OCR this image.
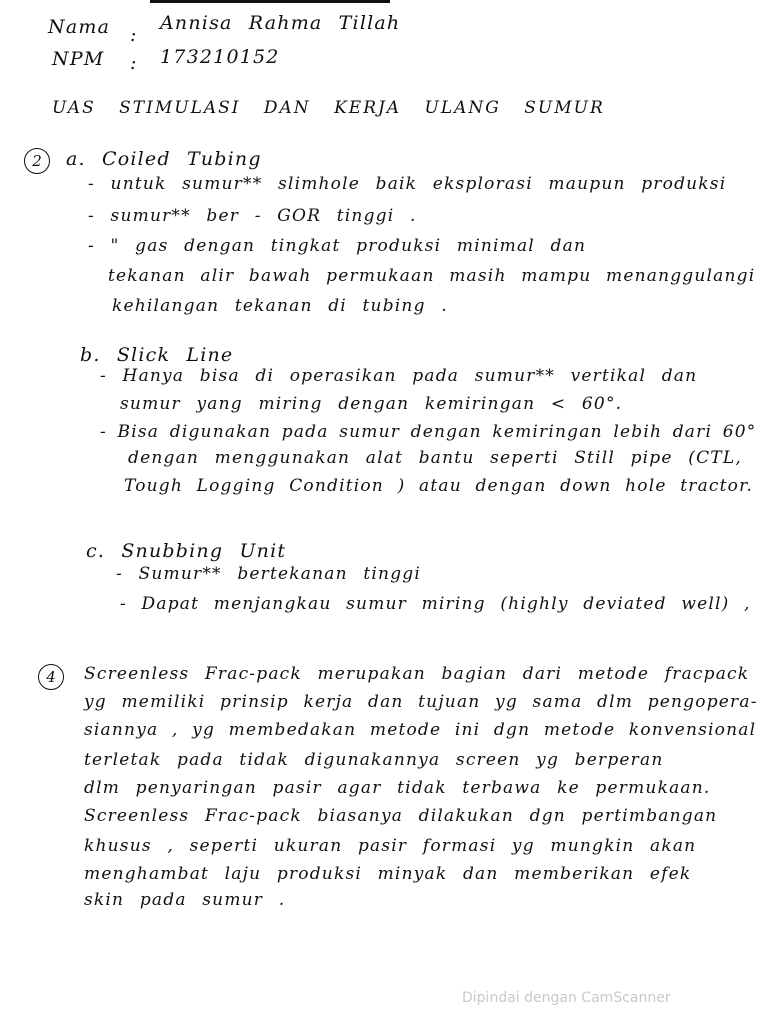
Nama :
Annisa Rahma Tillah
NPM : 173210152
UAS STIMULASI DAN KERJA ULANG SUMUR
2	a. Coiled Tubing
- untuk sumur** slimhole baik eksplorasi maupun produksi
- sumur** ber - GOR tinggi .
- " gas dengan tingkat produksi minimal dan
tekanan alir bawah permukaan masih mampu menanggulangi
kehilangan tekanan di tubing .
b. Slick Line
- Hanya bisa di operasikan pada sumur** vertikal dan
sumur yang miring dengan kemiringan < 60°.
- Bisa digunakan pada sumur dengan kemiringan lebih dari 60°
dengan menggunakan alat bantu seperti Still pipe (CTL,
Tough Logging Condition ) atau dengan down hole tractor.
c. Snubbing Unit
- Sumur** bertekanan tinggi
- Dapat menjangkau sumur miring (highly deviated well) ,
4	Screenless Frac-pack merupakan bagian dari metode fracpack
yg memiliki prinsip kerja dan tujuan yg sama dlm pengopera-
siannya , yg membedakan metode ini dgn metode konvensional
terletak pada tidak digunakannya screen yg berperan
dlm penyaringan pasir agar tidak terbawa ke permukaan.
Screenless Frac-pack biasanya dilakukan dgn pertimbangan
khusus , seperti ukuran pasir formasi yg mungkin akan
menghambat laju produksi minyak dan memberikan efek
skin pada sumur .
Dipindai dengan CamScanner
